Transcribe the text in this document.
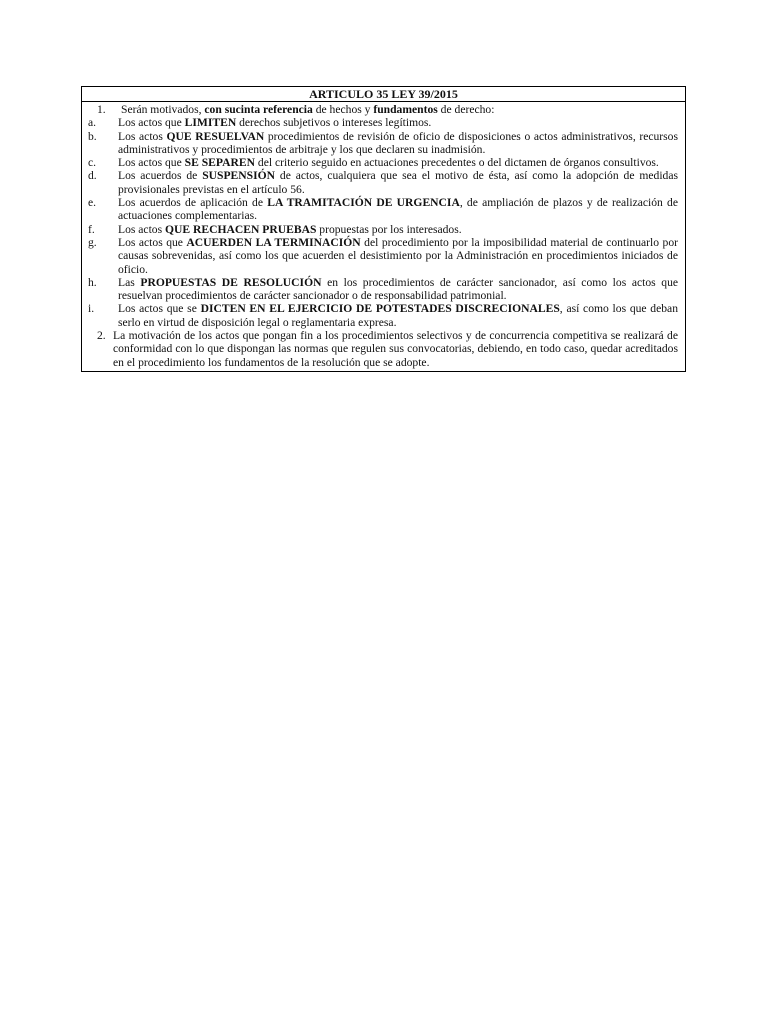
ARTICULO 35 LEY 39/2015
1. Serán motivados, con sucinta referencia de hechos y fundamentos de derecho:
a.	Los actos que LIMITEN derechos subjetivos o intereses legítimos.
b.	Los actos QUE RESUELVAN procedimientos de revisión de oficio de disposiciones o actos administrativos, recursos administrativos y procedimientos de arbitraje y los que declaren su inadmisión.
c.	Los actos que SE SEPAREN del criterio seguido en actuaciones precedentes o del dictamen de órganos consultivos.
d.	Los acuerdos de SUSPENSIÓN de actos, cualquiera que sea el motivo de ésta, así como la adopción de medidas provisionales previstas en el artículo 56.
e.	Los acuerdos de aplicación de LA TRAMITACIÓN DE URGENCIA, de ampliación de plazos y de realización de actuaciones complementarias.
f.	Los actos QUE RECHACEN PRUEBAS propuestas por los interesados.
g.	Los actos que ACUERDEN LA TERMINACIÓN del procedimiento por la imposibilidad material de continuarlo por causas sobrevenidas, así como los que acuerden el desistimiento por la Administración en procedimientos iniciados de oficio.
h.	Las PROPUESTAS DE RESOLUCIÓN en los procedimientos de carácter sancionador, así como los actos que resuelvan procedimientos de carácter sancionador o de responsabilidad patrimonial.
i.	Los actos que se DICTEN EN EL EJERCICIO DE POTESTADES DISCRECIONALES, así como los que deban serlo en virtud de disposición legal o reglamentaria expresa.
2. La motivación de los actos que pongan fin a los procedimientos selectivos y de concurrencia competitiva se realizará de conformidad con lo que dispongan las normas que regulen sus convocatorias, debiendo, en todo caso, quedar acreditados en el procedimiento los fundamentos de la resolución que se adopte.
